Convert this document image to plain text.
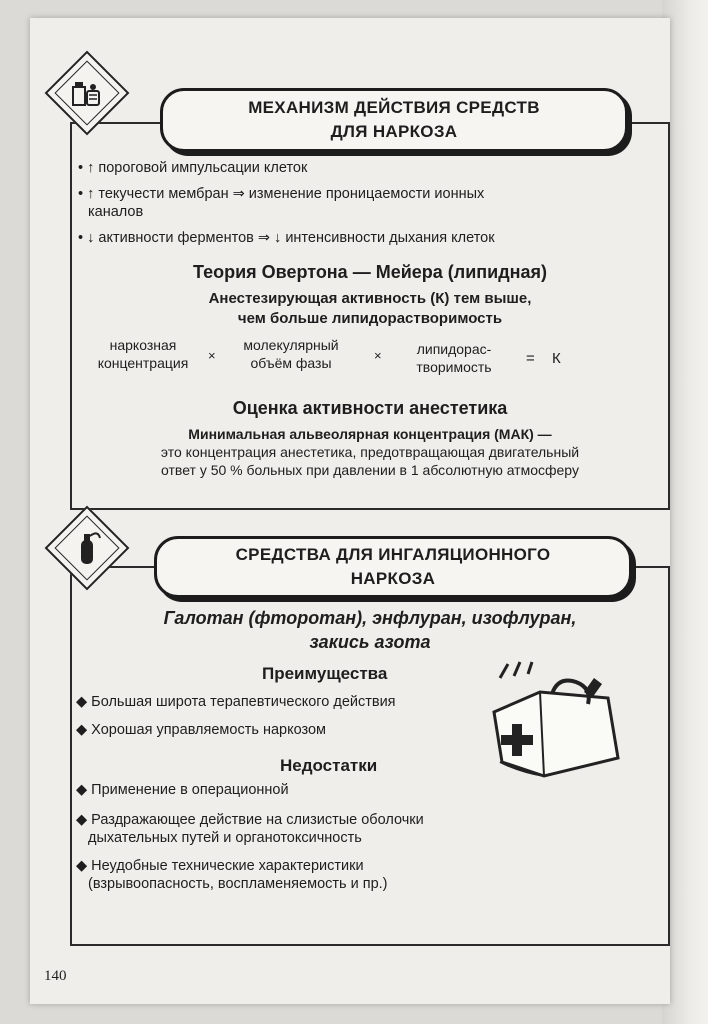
МЕХАНИЗМ ДЕЙСТВИЯ СРЕДСТВ
ДЛЯ НАРКОЗА
• ↑ пороговой импульсации клеток
• ↑ текучести мембран ⇒ изменение проницаемости ионных
каналов
• ↓ активности ферментов ⇒ ↓ интенсивности дыхания клеток
Теория Овертона — Мейера (липидная)
Анестезирующая активность (К) тем выше,
чем больше липидорастворимость
наркозная
концентрация	×
молекулярный
объём фазы	×	липидорас-
творимость	= К
Оценка активности анестетика
Минимальная альвеолярная концентрация (МАК) —
это концентрация анестетика, предотвращающая двигательный
ответ у 50 % больных при давлении в 1 абсолютную атмосферу
СРЕДСТВА ДЛЯ ИНГАЛЯЦИОННОГО
НАРКОЗА
Галотан (фторотан), энфлуран, изофлуран,
закись азота
Преимущества
◆ Большая широта терапевтического действия
◆ Хорошая управляемость наркозом
Недостатки
◆ Применение в операционной
◆ Раздражающее действие на слизистые оболочки
дыхательных путей и органотоксичность
◆ Неудобные технические характеристики
(взрывоопасность, воспламеняемость и пр.)
140
